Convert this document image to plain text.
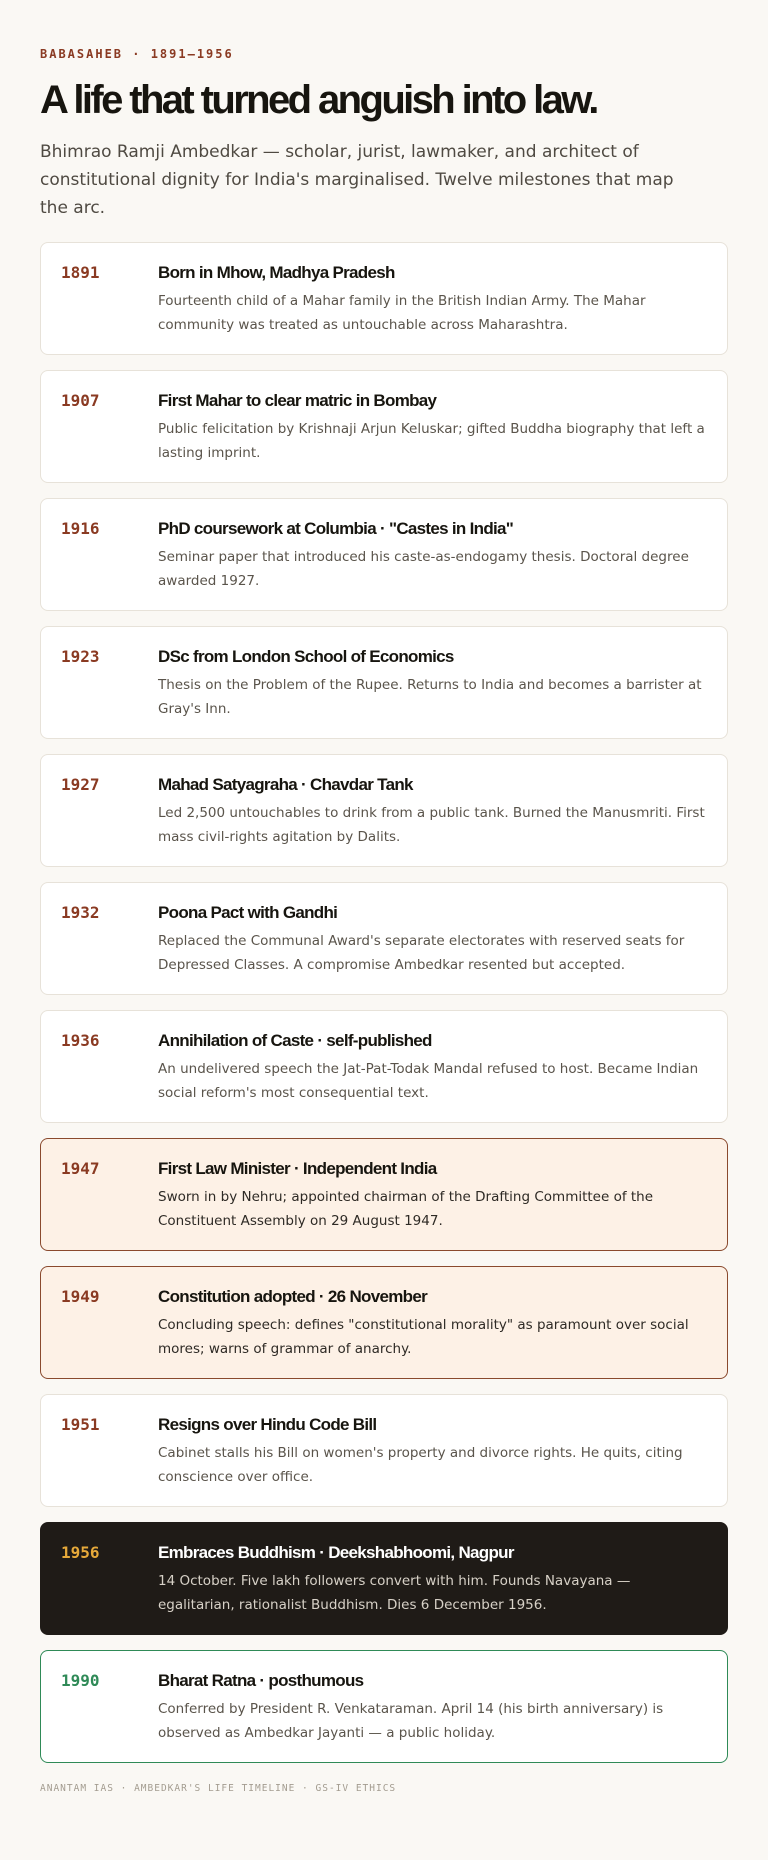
BABASAHEB · 1891–1956
A life that turned anguish into law.

Bhimrao Ramji Ambedkar — scholar, jurist, lawmaker, and architect of constitutional dignity for India's marginalised. Twelve milestones that map the arc.

1891	Born in Mhow, Madhya Pradesh
Fourteenth child of a Mahar family in the British Indian Army. The Mahar community was treated as untouchable across Maharashtra.
1907	First Mahar to clear matric in Bombay
Public felicitation by Krishnaji Arjun Keluskar; gifted Buddha biography that left a lasting imprint.
1916	PhD coursework at Columbia · "Castes in India"
Seminar paper that introduced his caste-as-endogamy thesis. Doctoral degree awarded 1927.
1923	DSc from London School of Economics
Thesis on the Problem of the Rupee. Returns to India and becomes a barrister at Gray's Inn.
1927	Mahad Satyagraha · Chavdar Tank
Led 2,500 untouchables to drink from a public tank. Burned the Manusmriti. First mass civil-rights agitation by Dalits.
1932	Poona Pact with Gandhi
Replaced the Communal Award's separate electorates with reserved seats for Depressed Classes. A compromise Ambedkar resented but accepted.
1936	Annihilation of Caste · self-published
An undelivered speech the Jat-Pat-Todak Mandal refused to host. Became Indian social reform's most consequential text.
1947	First Law Minister · Independent India
Sworn in by Nehru; appointed chairman of the Drafting Committee of the Constituent Assembly on 29 August 1947.
1949	Constitution adopted · 26 November
Concluding speech: defines "constitutional morality" as paramount over social mores; warns of grammar of anarchy.
1951	Resigns over Hindu Code Bill
Cabinet stalls his Bill on women's property and divorce rights. He quits, citing conscience over office.
1956	Embraces Buddhism · Deekshabhoomi, Nagpur
14 October. Five lakh followers convert with him. Founds Navayana — egalitarian, rationalist Buddhism. Dies 6 December 1956.
1990	Bharat Ratna · posthumous
Conferred by President R. Venkataraman. April 14 (his birth anniversary) is observed as Ambedkar Jayanti — a public holiday.
ANANTAM IAS · AMBEDKAR'S LIFE TIMELINE · GS-IV ETHICS
